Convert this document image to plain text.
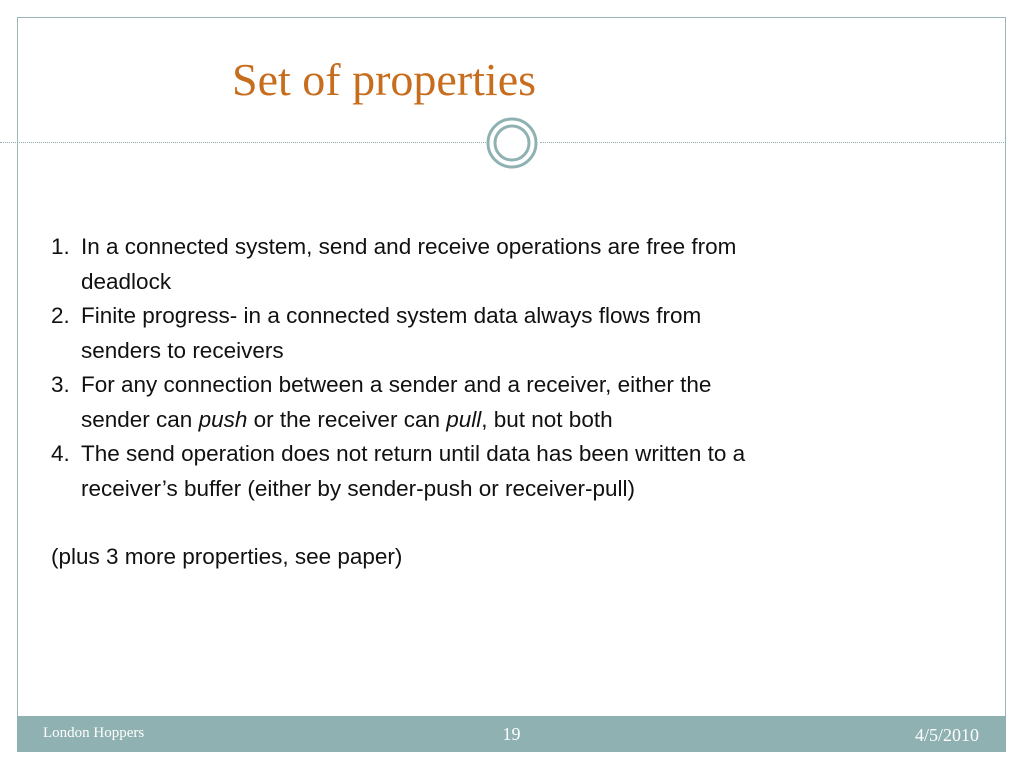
Set of properties
1. In a connected system, send and receive operations are free from
deadlock
2. Finite progress- in a connected system data always flows from
senders to receivers
3. For any connection between a sender and a receiver, either the
sender can push or the receiver can pull, but not both
4. The send operation does not return until data has been written to a
receiver’s buffer (either by sender-push or receiver-pull)
(plus 3 more properties, see paper)
London Hoppers	19	4/5/2010
